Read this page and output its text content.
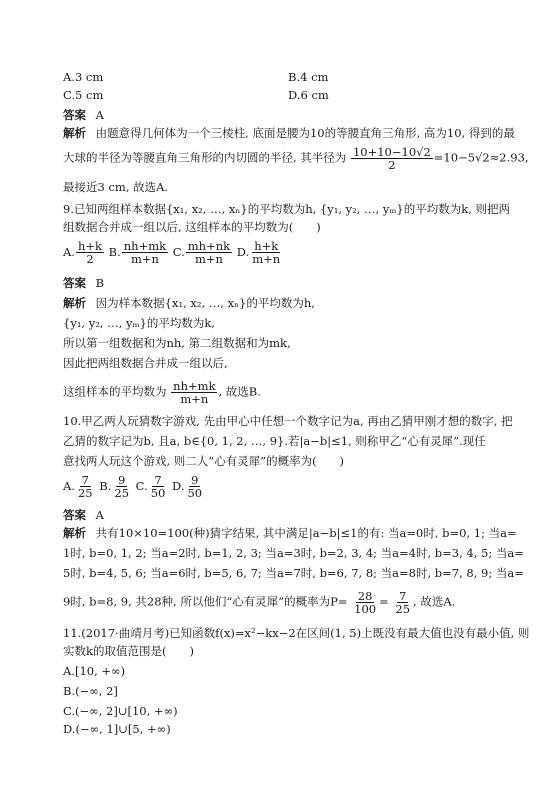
A.3 cm	B.4 cm
C.5 cm	D.6 cm
答案 A
解析 由题意得几何体为一个三棱柱, 底面是腰为10的等腰直角三角形, 高为10, 得到的最
大球的半径为等腰直角三角形的内切圆的半径, 其半径为 $\frac{10+10-10√2}{2} =10-5√2\approx 2.93$,
最接近3 cm, 故选A.
9.已知两组样本数据{x₁, x₂, …, xₙ}的平均数为h, {y₁, y₂, …, yₘ}的平均数为k, 则把两
组数据合并成一组以后, 这组样本的平均数为(　　)
A. $\frac{h+k}{2} B$. $\frac{nh+mk}{m+n} C$. $\frac{mh+nk}{m+n} D$. $\frac{h+k}{m+n}$
答案 B
解析 因为样本数据{x₁, x₂, …, xₙ}的平均数为h,
{y₁, y₂, …, yₘ}的平均数为k,
所以第一组数据和为nh, 第二组数据和为mk,
因此把两组数据合并成一组以后,
这组样本的平均数为 $\frac{nh+mk}{m+n}$ , 故选B.
10.甲乙两人玩猜数字游戏, 先由甲心中任想一个数字记为a, 再由乙猜甲刚才想的数字, 把
乙猜的数字记为b, 且a, b∈{0, 1, 2, …, 9}.若|a−b|≤1, 则称甲乙“心有灵犀”.现任
意找两人玩这个游戏, 则二人“心有灵犀”的概率为(　　)
A. $\frac{7}{25} B$. $\frac{9}{25} C$. $\frac{7}{50} D$. $\frac{9}{50}$
答案 A
解析 共有10×10=100(种)猜字结果, 其中满足|a−b|≤1的有: 当a=0时, b=0, 1; 当a=
1时, b=0, 1, 2; 当a=2时, b=1, 2, 3; 当a=3时, b=2, 3, 4; 当a=4时, b=3, 4, 5; 当a=
5时, b=4, 5, 6; 当a=6时, b=5, 6, 7; 当a=7时, b=6, 7, 8; 当a=8时, b=7, 8, 9; 当a=
9时, b=8, 9, 共28种, 所以他们“心有灵犀”的概率为$P= \frac{28}{100} = \frac{7}{25}$ , 故选A.
11.(2017·曲靖月考)已知函数f(x)=x²−kx−2在区间(1, 5)上既没有最大值也没有最小值, 则
实数k的取值范围是(　　)
A.[10, +∞)
B.(−∞, 2]
C.(−∞, 2]∪[10, +∞)
D.(−∞, 1]∪[5, +∞)
